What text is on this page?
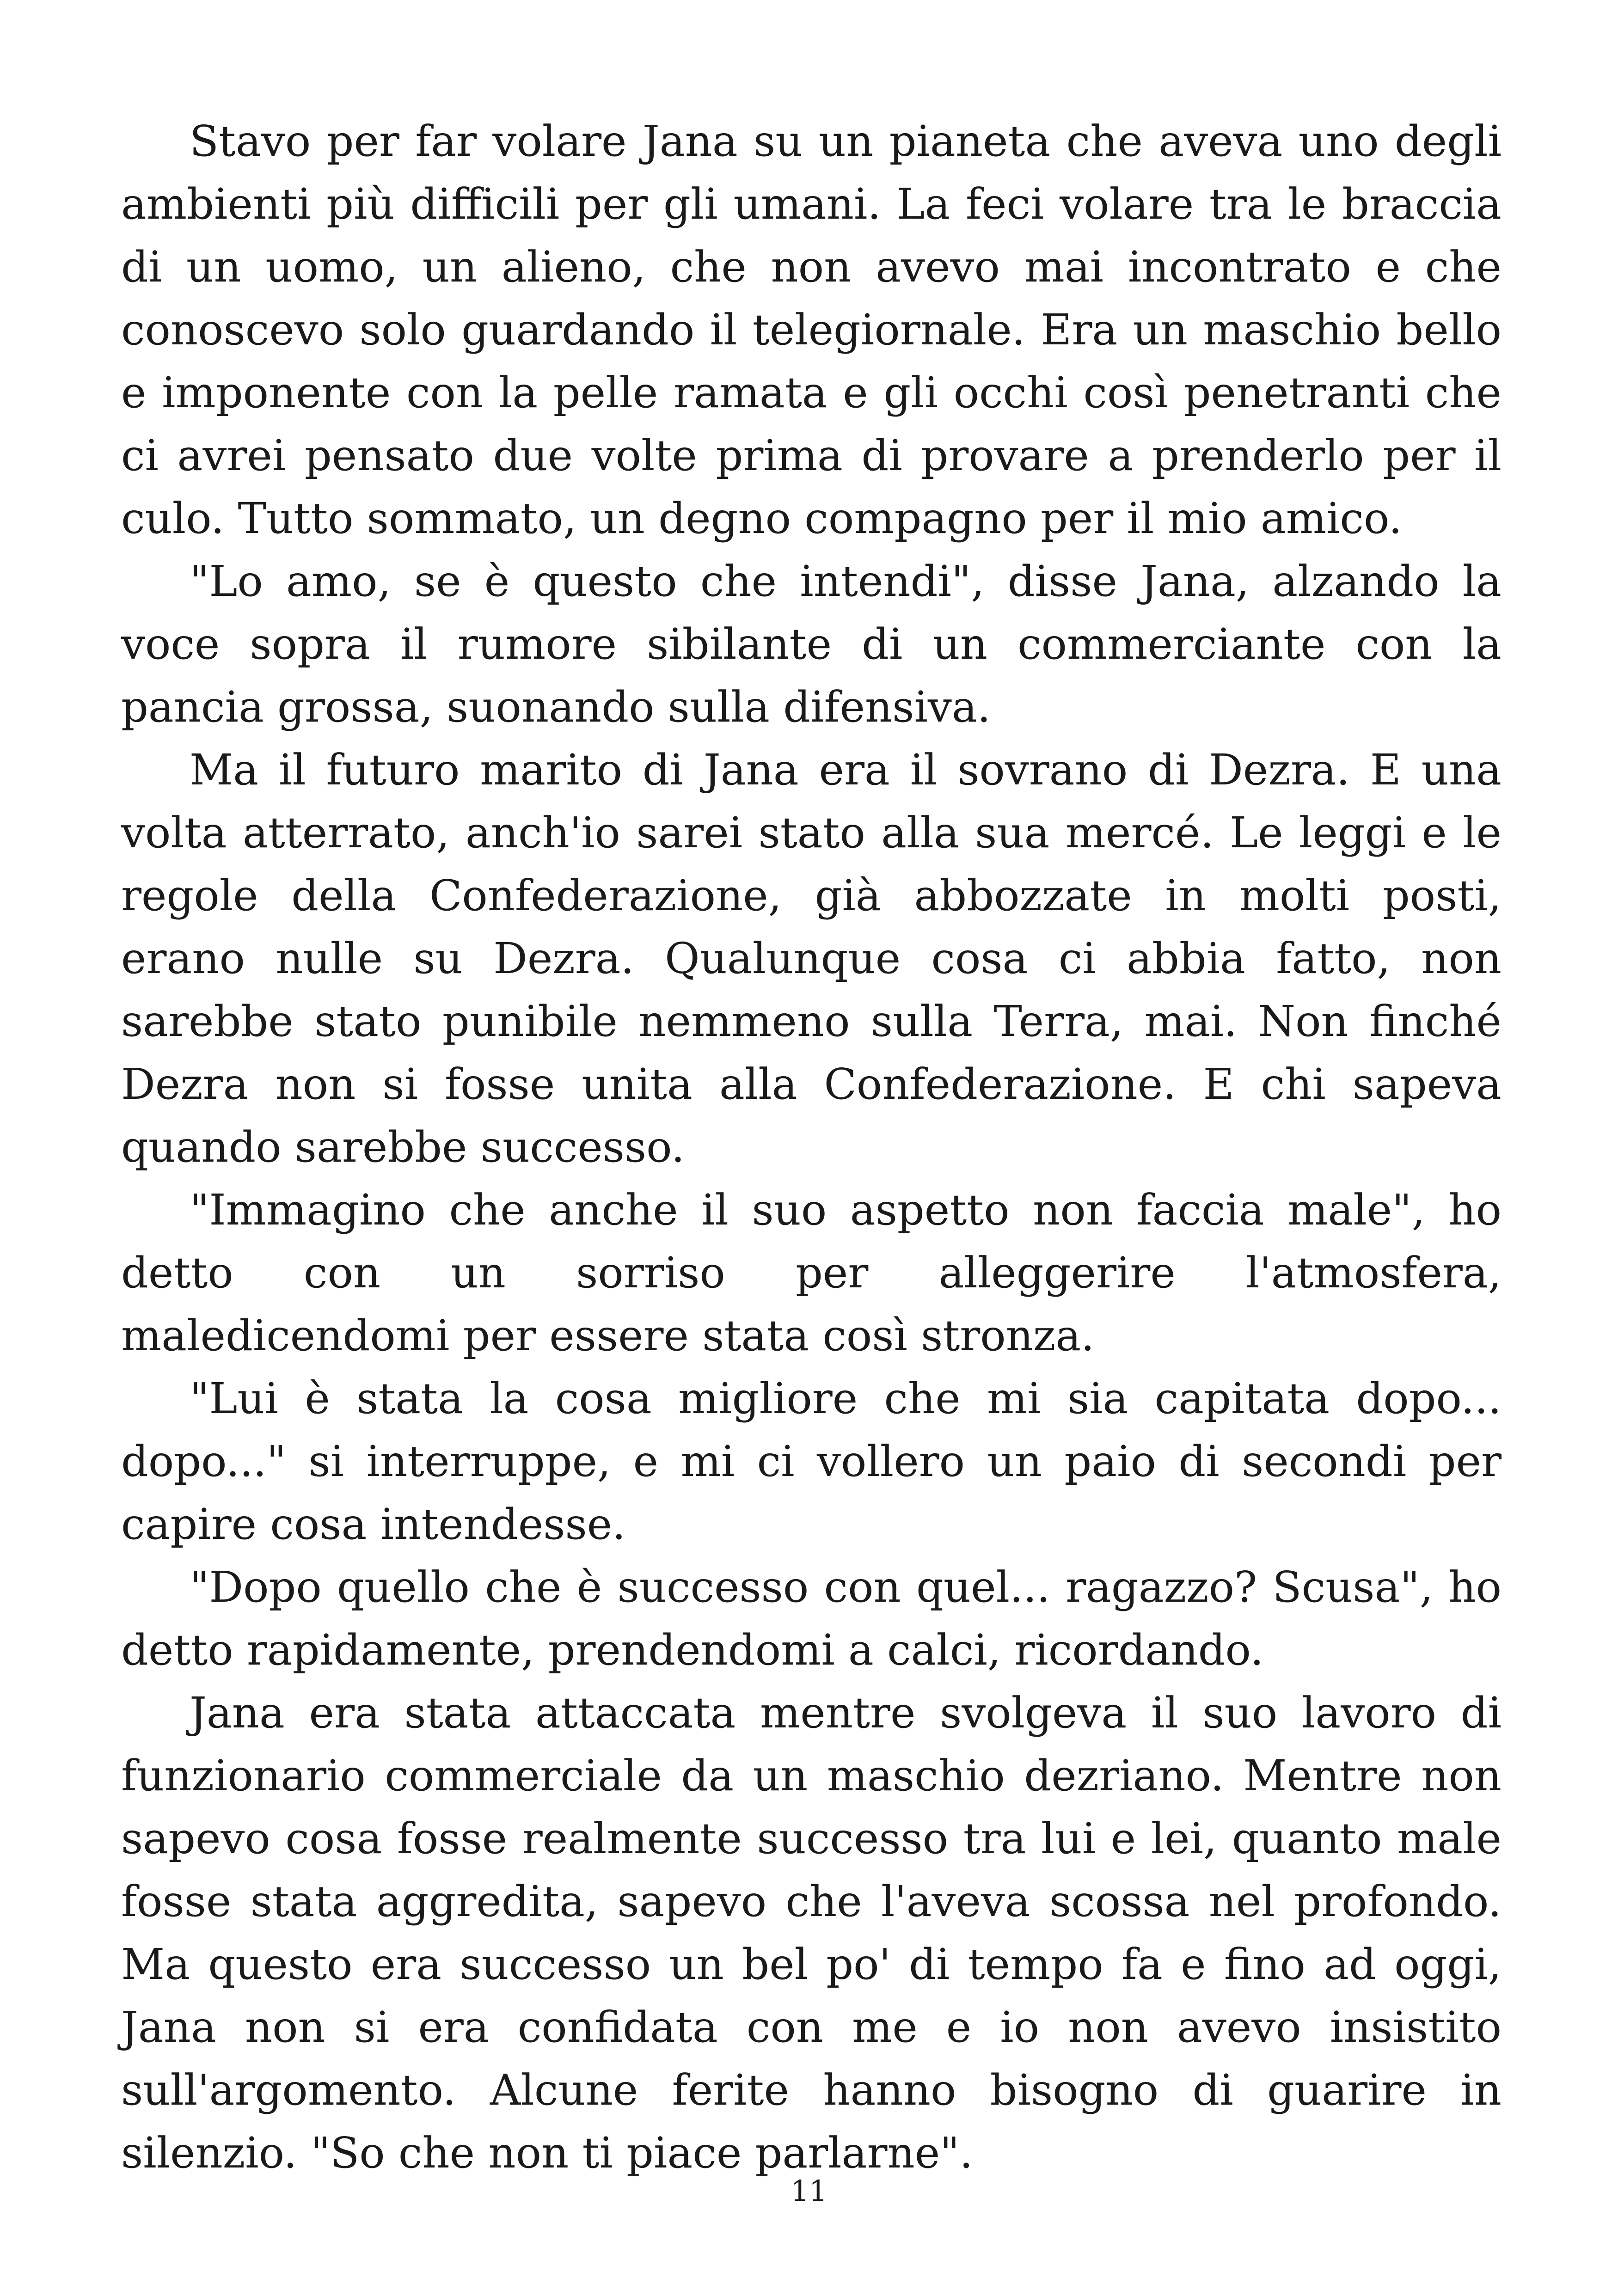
Stavo per far volare Jana su un pianeta che aveva uno degli ambienti più difficili per gli umani. La feci volare tra le braccia di un uomo, un alieno, che non avevo mai incontrato e che conoscevo solo guardando il telegiornale. Era un maschio bello e imponente con la pelle ramata e gli occhi così penetranti che ci avrei pensato due volte prima di provare a prenderlo per il culo. Tutto sommato, un degno compagno per il mio amico.

"Lo amo, se è questo che intendi", disse Jana, alzando la voce sopra il rumore sibilante di un commerciante con la pancia grossa, suonando sulla difensiva.

Ma il futuro marito di Jana era il sovrano di Dezra. E una volta atterrato, anch'io sarei stato alla sua mercé. Le leggi e le regole della Confederazione, già abbozzate in molti posti, erano nulle su Dezra. Qualunque cosa ci abbia fatto, non sarebbe stato punibile nemmeno sulla Terra, mai. Non finché Dezra non si fosse unita alla Confederazione. E chi sapeva quando sarebbe successo.

"Immagino che anche il suo aspetto non faccia male", ho detto con un sorriso per alleggerire l'atmosfera, maledicendomi per essere stata così stronza.

"Lui è stata la cosa migliore che mi sia capitata dopo... dopo..." si interruppe, e mi ci vollero un paio di secondi per capire cosa intendesse.

"Dopo quello che è successo con quel... ragazzo? Scusa", ho detto rapidamente, prendendomi a calci, ricordando.

Jana era stata attaccata mentre svolgeva il suo lavoro di funzionario commerciale da un maschio dezriano. Mentre non sapevo cosa fosse realmente successo tra lui e lei, quanto male fosse stata aggredita, sapevo che l'aveva scossa nel profondo. Ma questo era successo un bel po' di tempo fa e fino ad oggi, Jana non si era confidata con me e io non avevo insistito sull'argomento. Alcune ferite hanno bisogno di guarire in silenzio. "So che non ti piace parlarne".

11
